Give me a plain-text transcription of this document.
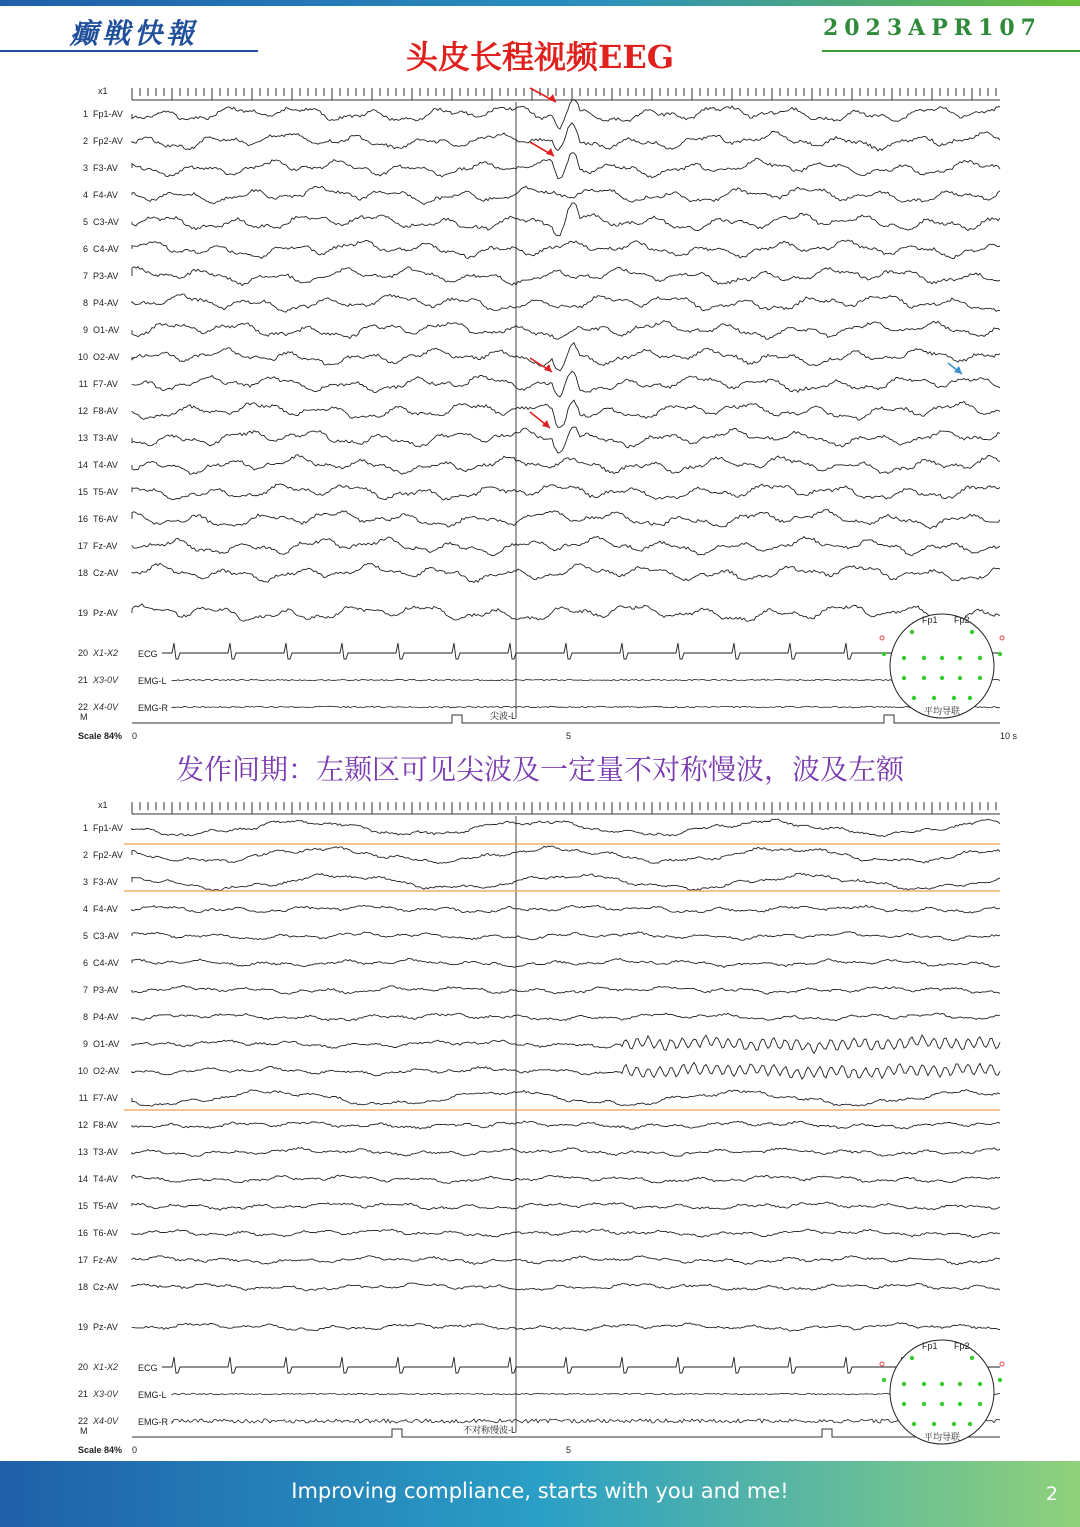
癫戦快報	2023APR107
头皮长程视频EEG
x1
1 Fp1-AV
2 Fp2-AV
3 F3-AV
4 F4-AV
5 C3-AV
6 C4-AV
7 P3-AV
8 P4-AV
9 O1-AV
10 O2-AV
11 F7-AV
12 F8-AV
13 T3-AV
14 T4-AV
15 T5-AV
16 T6-AV
17 Fz-AV
18 Cz-AV
19 Pz-AV
20 X1-X2 ECG
21 X3-0V EMG-L
22 X4-0V EMG-R
尖波-L
M
Scale 84% 0	5	10 s
Fp1 Fp2
平均导联
发作间期：左颞区可见尖波及一定量不对称慢波，波及左额
x1
1 Fp1-AV
2 Fp2-AV
3 F3-AV
4 F4-AV
5 C3-AV
6 C4-AV
7 P3-AV
8 P4-AV
9 O1-AV
10 O2-AV
11 F7-AV
12 F8-AV
13 T3-AV
14 T4-AV
15 T5-AV
16 T6-AV
17 Fz-AV
18 Cz-AV
19 Pz-AV
20 X1-X2 ECG
21 X3-0V EMG-L
22 X4-0V EMG-R
不对称慢波-L
M
Scale 84% 0	5
Fp1 Fp2
平均导联
Improving compliance, starts with you and me!	2
